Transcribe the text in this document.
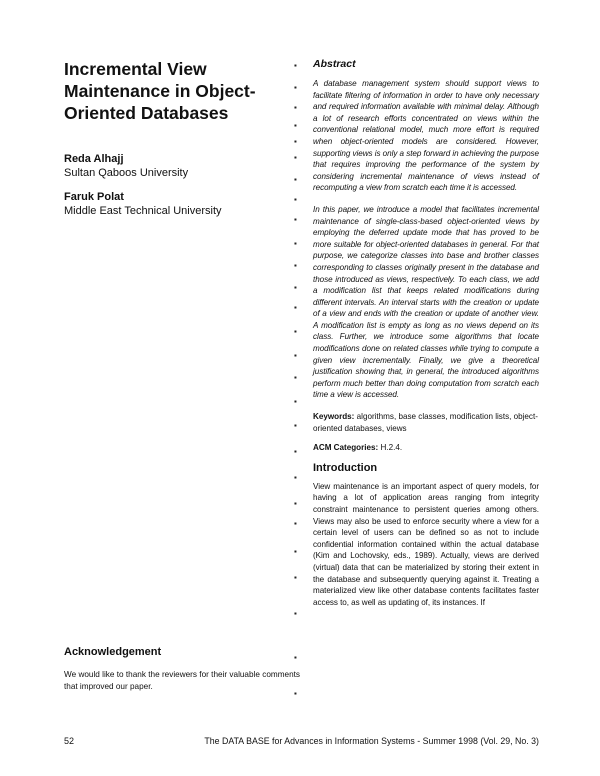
Incremental View Maintenance in Object-Oriented Databases
Reda Alhajj
Sultan Qaboos University
Faruk Polat
Middle East Technical University
Acknowledgement

We would like to thank the reviewers for their valuable comments that improved our paper.

▪
▪
▪
▪
▪
▪
▪
▪
▪
▪
▪
▪
▪
▪
▪
▪
▪
▪
▪
▪
▪
▪
▪
▪
▪
▪
▪
Abstract

A database management system should support views to facilitate filtering of information in order to have only necessary and required information available with minimal delay. Although a lot of research efforts concentrated on views within the conventional relational model, much more effort is required when object-oriented models are considered. However, supporting views is only a step forward in achieving the purpose that requires improving the performance of the system by considering incremental maintenance of views instead of recomputing a view from scratch each time it is accessed.

In this paper, we introduce a model that facilitates incremental maintenance of single-class-based object-oriented views by employing the deferred update mode that has proved to be more suitable for object-oriented databases in general. For that purpose, we categorize classes into base and brother classes corresponding to classes originally present in the database and those introduced as views, respectively. To each class, we add a modification list that keeps related modifications during different intervals. An interval starts with the creation or update of a view and ends with the creation or update of another view. A modification list is empty as long as no views depend on its class. Further, we introduce some algorithms that locate modifications done on related classes while trying to compute a given view incrementally. Finally, we give a theoretical justification showing that, in general, the introduced algorithms perform much better than doing computation from scratch each time a view is accessed.

Keywords: algorithms, base classes, modification lists, object-oriented databases, views

ACM Categories: H.2.4.

Introduction

View maintenance is an important aspect of query models, for having a lot of application areas ranging from integrity constraint maintenance to persistent queries among others. Views may also be used to enforce security where a view for a certain level of users can be defined so as not to include confidential information contained within the actual database (Kim and Lochovsky, eds., 1989). Actually, views are derived (virtual) data that can be materialized by storing their extent in the database and subsequently querying against it. Treating a materialized view like other database contents facilitates faster access to, as well as updating of, its instances. If

52	The DATA BASE for Advances in Information Systems - Summer 1998 (Vol. 29, No. 3)
